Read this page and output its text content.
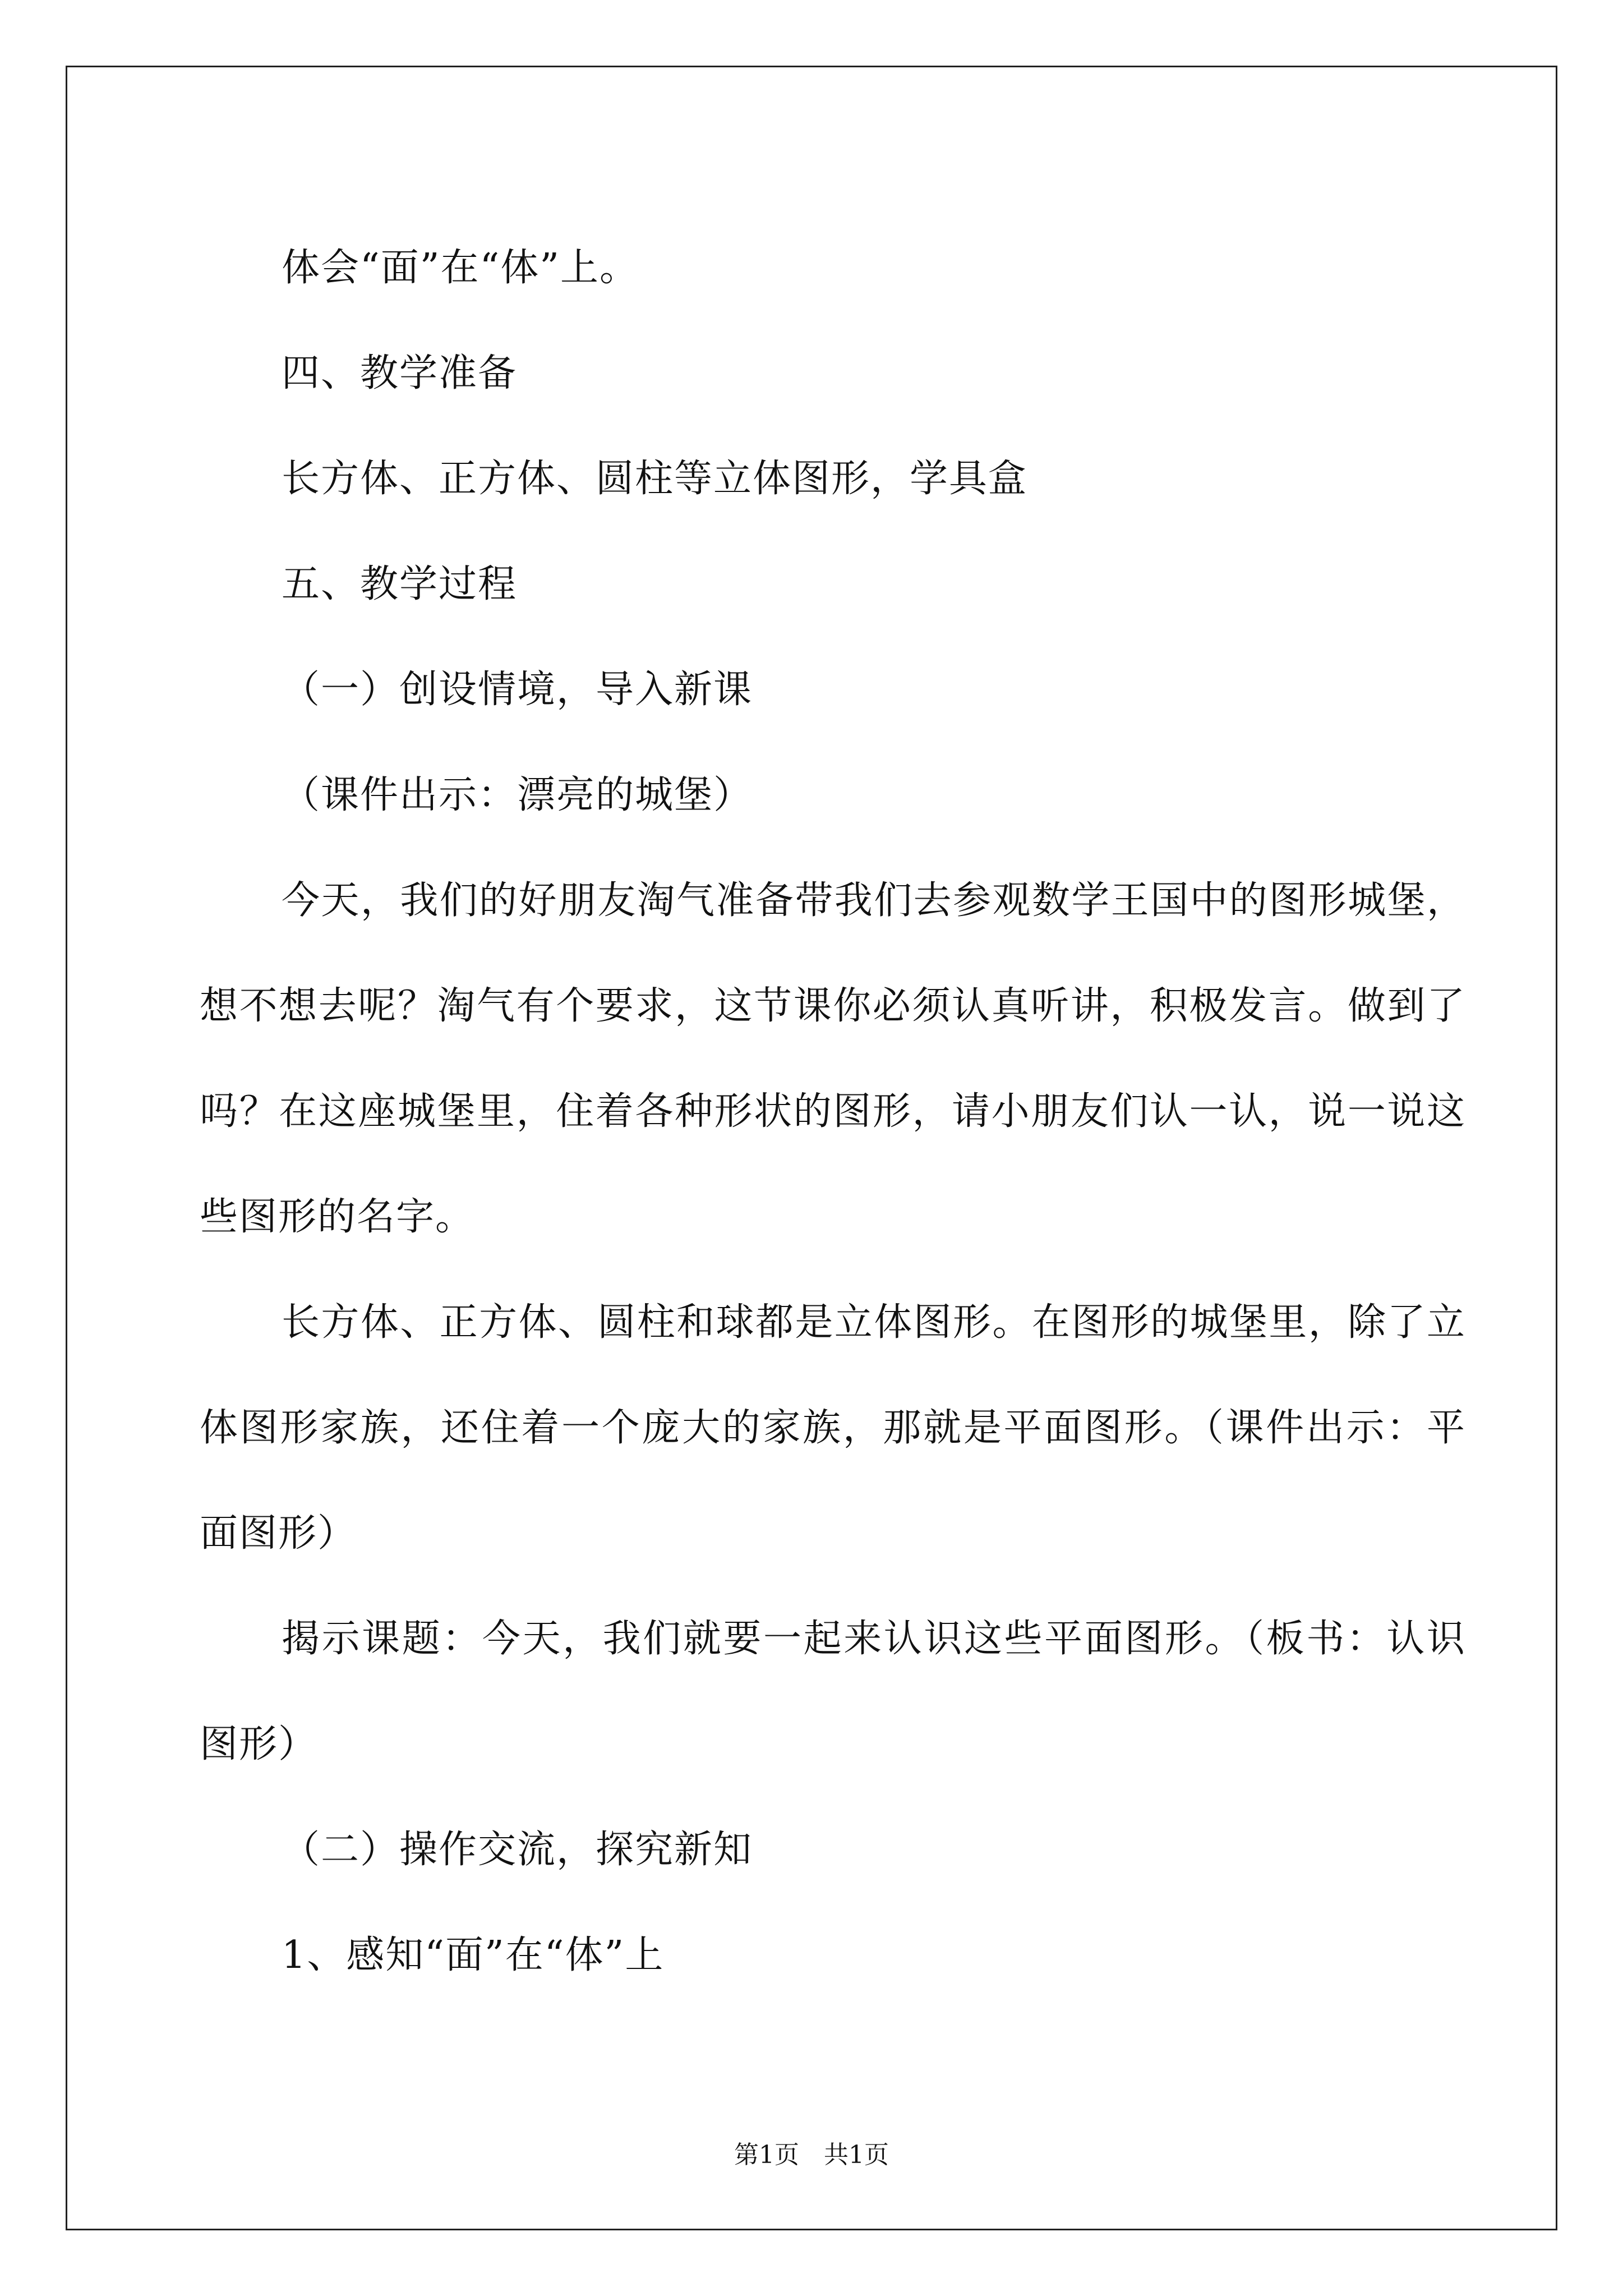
体会“面”在“体”上。

四、教学准备

长方体、正方体、圆柱等立体图形，学具盒

五、教学过程

（一）创设情境，导入新课

（课件出示：漂亮的城堡）

今天，我们的好朋友淘气准备带我们去参观数学王国中的图形城堡，想不想去呢？淘气有个要求，这节课你必须认真听讲，积极发言。做到了吗？在这座城堡里，住着各种形状的图形，请小朋友们认一认，说一说这些图形的名字。

长方体、正方体、圆柱和球都是立体图形。在图形的城堡里，除了立体图形家族，还住着一个庞大的家族，那就是平面图形。（课件出示：平面图形）

揭示课题：今天，我们就要一起来认识这些平面图形。（板书：认识图形）

（二）操作交流，探究新知

1、感知“面”在“体”上

第1页　共1页
